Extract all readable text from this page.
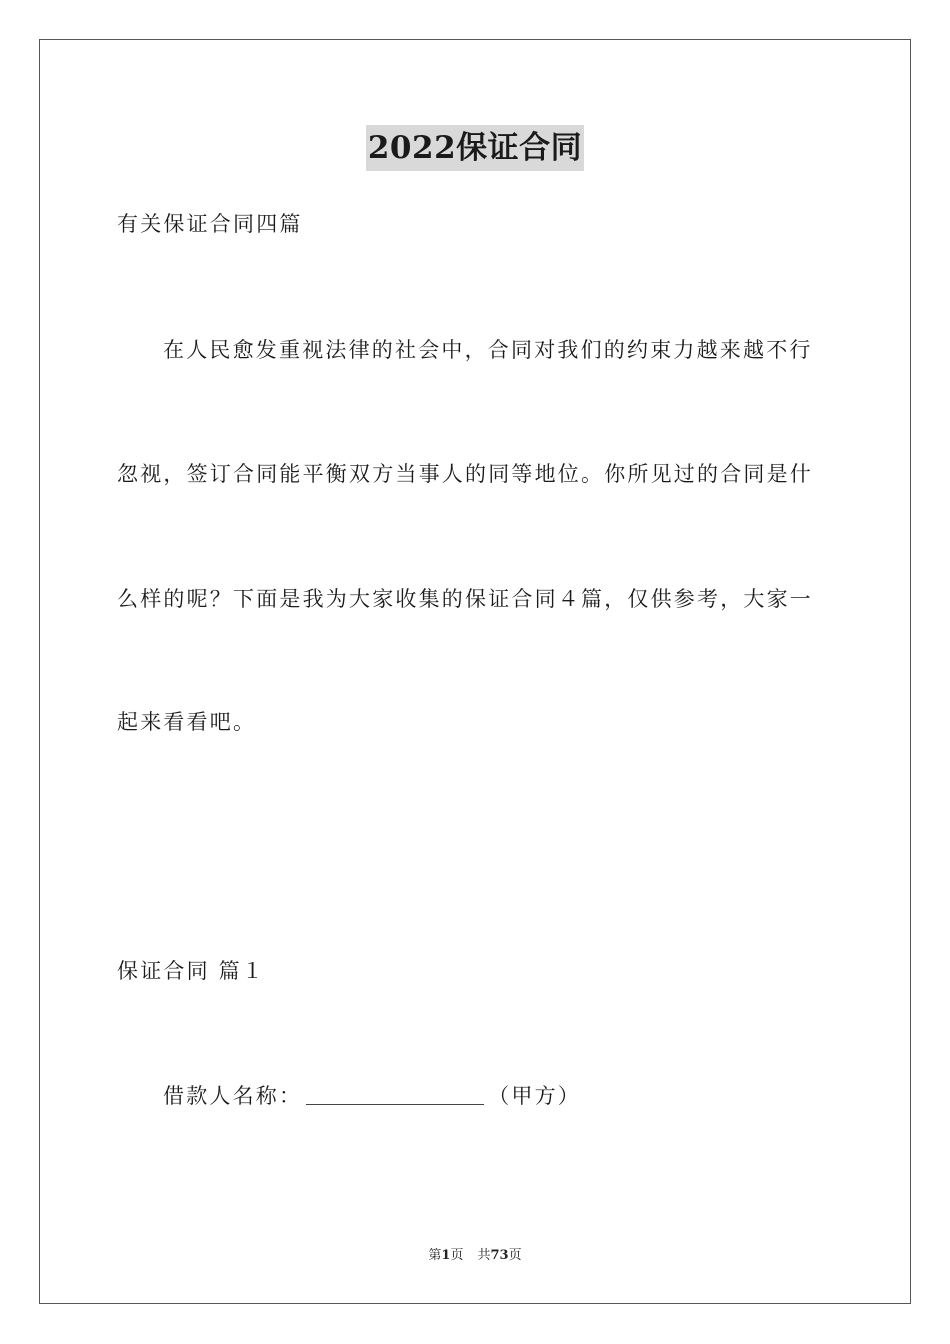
2022保证合同
有关保证合同四篇
在人民愈发重视法律的社会中，合同对我们的约束力越来越不行
忽视，签订合同能平衡双方当事人的同等地位。你所见过的合同是什
么样的呢？下面是我为大家收集的保证合同４篇，仅供参考，大家一
起来看看吧。
保证合同 篇１
借款人名称：	（甲方）
第1页 共73页
